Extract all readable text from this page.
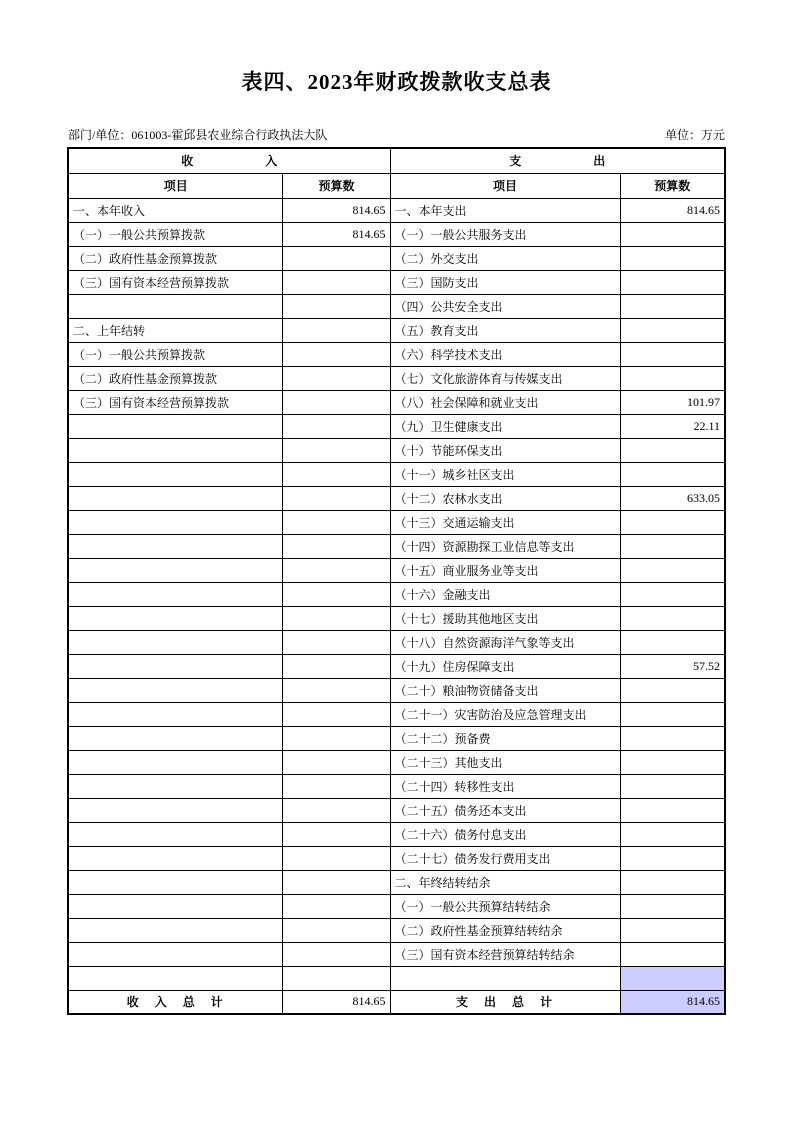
表四、2023年财政拨款收支总表
部门/单位：061003-霍邱县农业综合行政执法大队	单位：万元
收　　　　　　入		支　　　　　　出	
项目	预算数	项目	预算数
一、本年收入	814.65	一、本年支出	814.65
（一）一般公共预算拨款	814.65	（一）一般公共服务支出	
（二）政府性基金预算拨款		（二）外交支出	
（三）国有资本经营预算拨款		（三）国防支出	
		（四）公共安全支出	
二、上年结转		（五）教育支出	
（一）一般公共预算拨款		（六）科学技术支出	
（二）政府性基金预算拨款		（七）文化旅游体育与传媒支出	
（三）国有资本经营预算拨款		（八）社会保障和就业支出	101.97
		（九）卫生健康支出	22.11
		（十）节能环保支出	
		（十一）城乡社区支出	
		（十二）农林水支出	633.05
		（十三）交通运输支出	
		（十四）资源勘探工业信息等支出	
		（十五）商业服务业等支出	
		（十六）金融支出	
		（十七）援助其他地区支出	
		（十八）自然资源海洋气象等支出	
		（十九）住房保障支出	57.52
		（二十）粮油物资储备支出	
		（二十一）灾害防治及应急管理支出	
		（二十二）预备费	
		（二十三）其他支出	
		（二十四）转移性支出	
		（二十五）债务还本支出	
		（二十六）债务付息支出	
		（二十七）债务发行费用支出	
		二、年终结转结余	
		（一）一般公共预算结转结余	
		（二）政府性基金预算结转结余	
		（三）国有资本经营预算结转结余	

收　入　总　计	814.65	支　出　总　计	814.65
